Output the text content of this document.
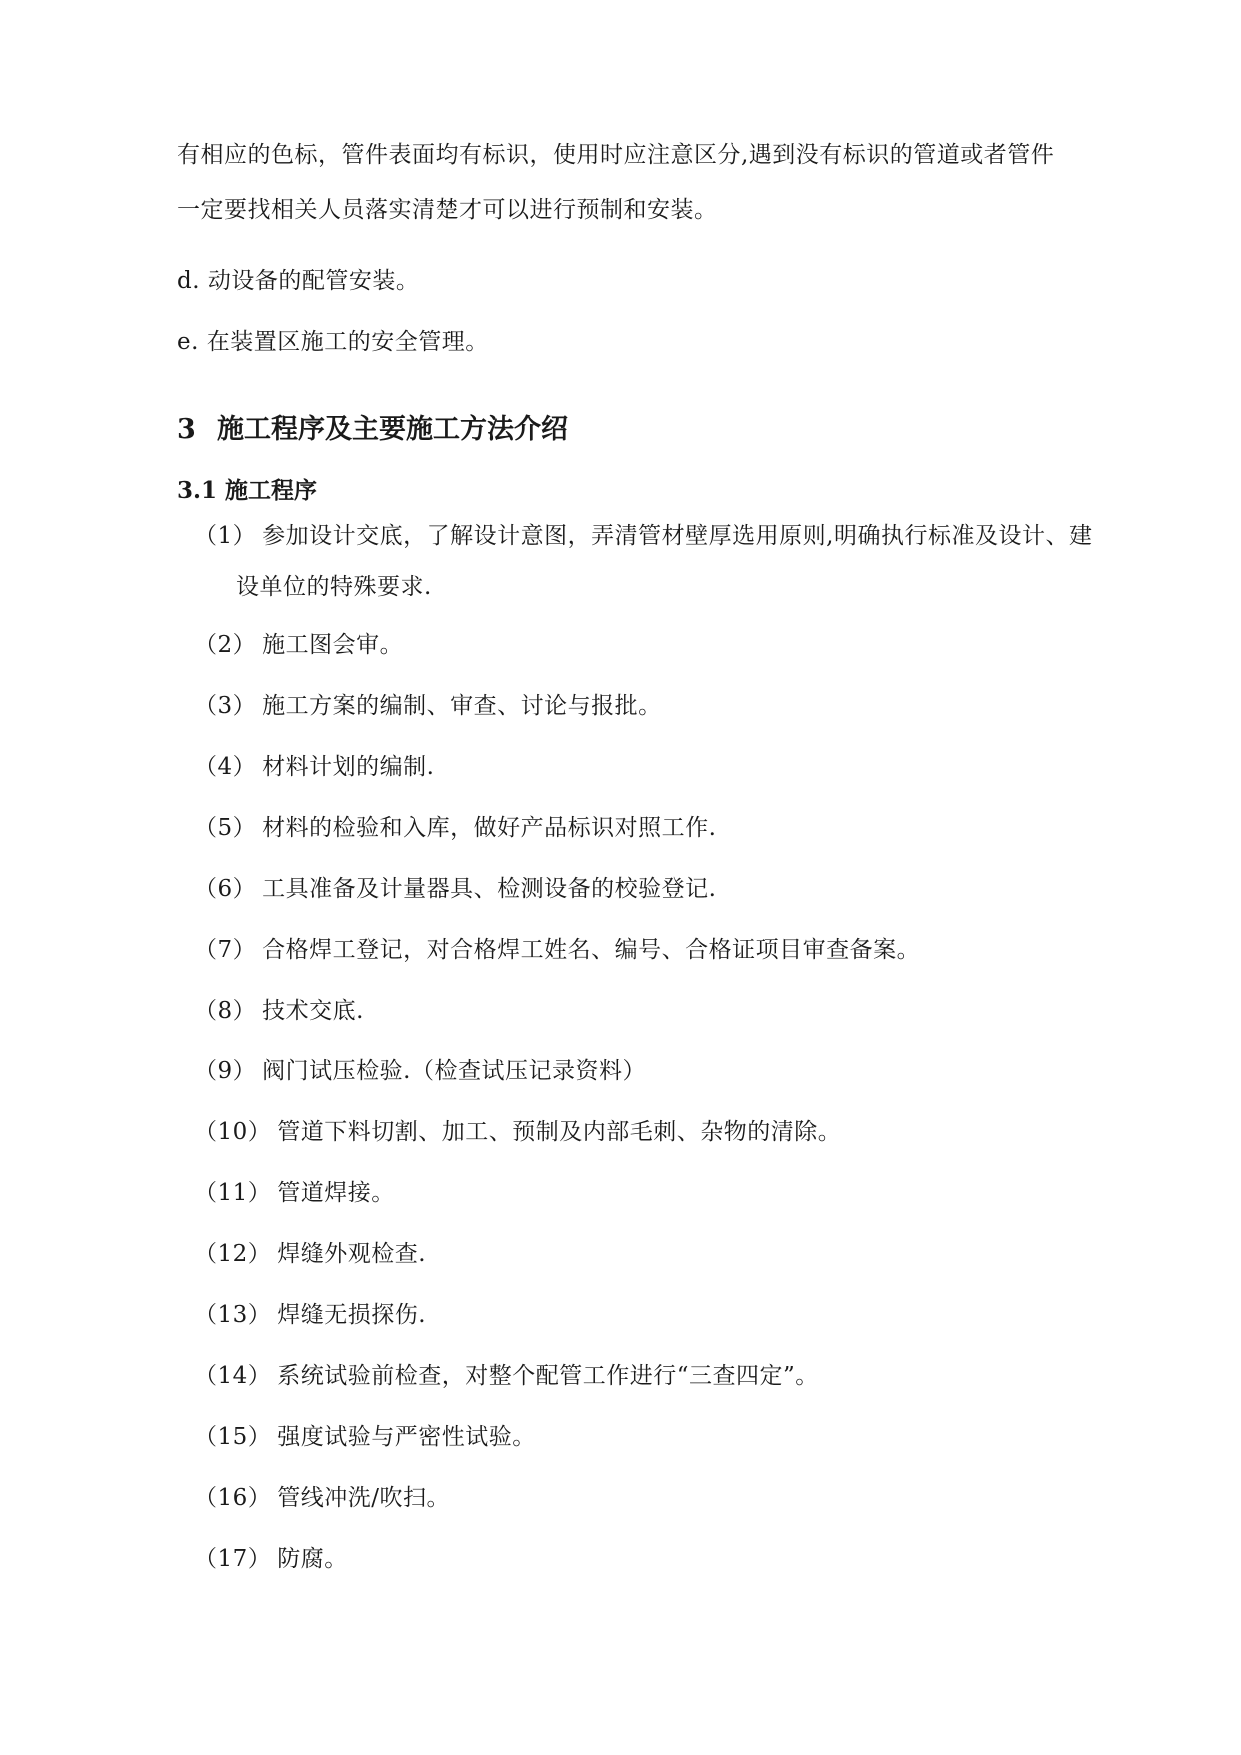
有相应的色标，管件表面均有标识，使用时应注意区分,遇到没有标识的管道或者管件
一定要找相关人员落实清楚才可以进行预制和安装。
d. 动设备的配管安装。
e. 在装置区施工的安全管理。
3 施工程序及主要施工方法介绍
3.1 施工程序
（1） 参加设计交底，了解设计意图，弄清管材壁厚选用原则,明确执行标准及设计、建
设单位的特殊要求.
（2） 施工图会审。
（3） 施工方案的编制、审查、讨论与报批。
（4） 材料计划的编制.
（5） 材料的检验和入库，做好产品标识对照工作.
（6） 工具准备及计量器具、检测设备的校验登记.
（7） 合格焊工登记，对合格焊工姓名、编号、合格证项目审查备案。
（8） 技术交底.
（9） 阀门试压检验.（检查试压记录资料）
（10） 管道下料切割、加工、预制及内部毛刺、杂物的清除。
（11） 管道焊接。
（12） 焊缝外观检查.
（13） 焊缝无损探伤.
（14） 系统试验前检查，对整个配管工作进行“三查四定”。
（15） 强度试验与严密性试验。
（16） 管线冲洗/吹扫。
（17） 防腐。
